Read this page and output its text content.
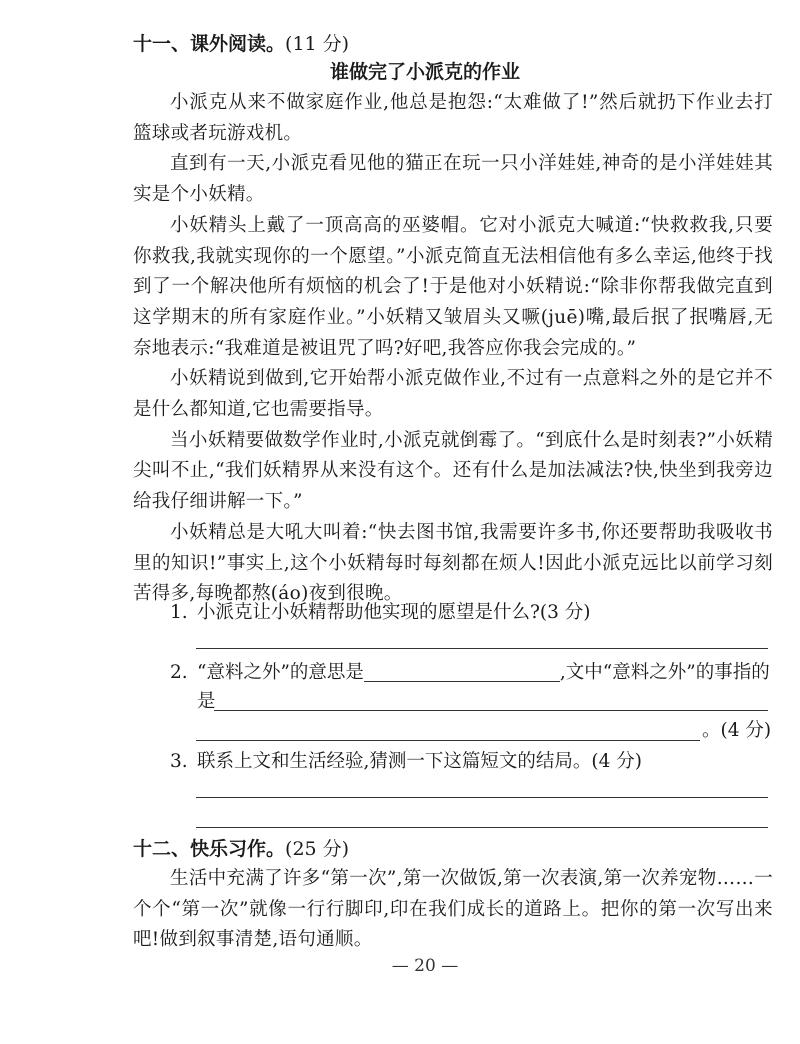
十一、课外阅读。(11 分)
谁做完了小派克的作业

小派克从来不做家庭作业,他总是抱怨:“太难做了!”然后就扔下作业去打篮球或者玩游戏机。

直到有一天,小派克看见他的猫正在玩一只小洋娃娃,神奇的是小洋娃娃其实是个小妖精。

小妖精头上戴了一顶高高的巫婆帽。它对小派克大喊道:“快救救我,只要你救我,我就实现你的一个愿望。”小派克简直无法相信他有多么幸运,他终于找到了一个解决他所有烦恼的机会了!于是他对小妖精说:“除非你帮我做完直到这学期末的所有家庭作业。”小妖精又皱眉头又噘(juē)嘴,最后抿了抿嘴唇,无奈地表示:“我难道是被诅咒了吗?好吧,我答应你我会完成的。”

小妖精说到做到,它开始帮小派克做作业,不过有一点意料之外的是它并不是什么都知道,它也需要指导。

当小妖精要做数学作业时,小派克就倒霉了。“到底什么是时刻表?”小妖精尖叫不止,“我们妖精界从来没有这个。还有什么是加法减法?快,快坐到我旁边给我仔细讲解一下。”

小妖精总是大吼大叫着:“快去图书馆,我需要许多书,你还要帮助我吸收书里的知识!”事实上,这个小妖精每时每刻都在烦人!因此小派克远比以前学习刻苦得多,每晚都熬(áo)夜到很晚。

1. 小派克让小妖精帮助他实现的愿望是什么?(3 分)
2. “意料之外”的意思是	,文中“意料之外”的事指的
是
。(4 分)
3. 联系上文和生活经验,猜测一下这篇短文的结局。(4 分)
十二、快乐习作。(25 分)

生活中充满了许多“第一次”,第一次做饭,第一次表演,第一次养宠物……一个个“第一次”就像一行行脚印,印在我们成长的道路上。把你的第一次写出来吧!做到叙事清楚,语句通顺。

— 20 —
